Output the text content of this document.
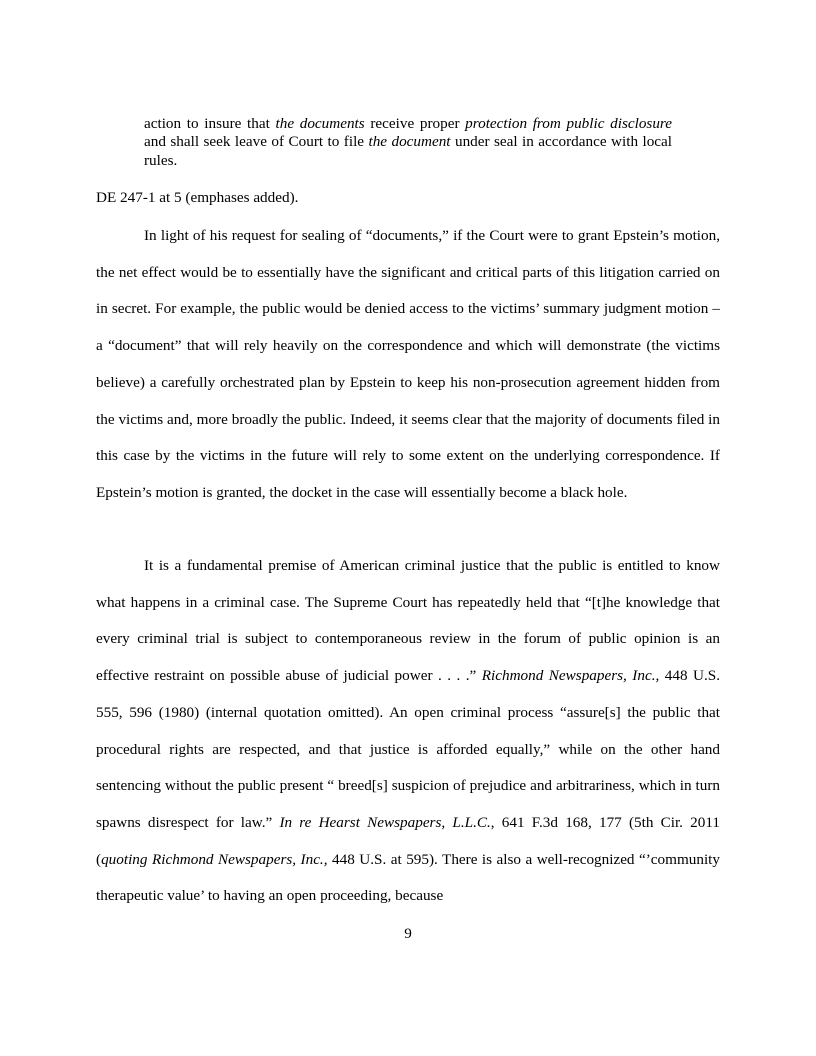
action to insure that the documents receive proper protection from public disclosure and shall seek leave of Court to file the document under seal in accordance with local rules.
DE 247-1 at 5 (emphases added).

In light of his request for sealing of “documents,” if the Court were to grant Epstein’s motion, the net effect would be to essentially have the significant and critical parts of this litigation carried on in secret. For example, the public would be denied access to the victims’ summary judgment motion – a “document” that will rely heavily on the correspondence and which will demonstrate (the victims believe) a carefully orchestrated plan by Epstein to keep his non-prosecution agreement hidden from the victims and, more broadly the public. Indeed, it seems clear that the majority of documents filed in this case by the victims in the future will rely to some extent on the underlying correspondence. If Epstein’s motion is granted, the docket in the case will essentially become a black hole.

It is a fundamental premise of American criminal justice that the public is entitled to know what happens in a criminal case. The Supreme Court has repeatedly held that “[t]he knowledge that every criminal trial is subject to contemporaneous review in the forum of public opinion is an effective restraint on possible abuse of judicial power . . . .” Richmond Newspapers, Inc., 448 U.S. 555, 596 (1980) (internal quotation omitted). An open criminal process “assure[s] the public that procedural rights are respected, and that justice is afforded equally,” while on the other hand sentencing without the public present “ breed[s] suspicion of prejudice and arbitrariness, which in turn spawns disrespect for law.” In re Hearst Newspapers, L.L.C., 641 F.3d 168, 177 (5th Cir. 2011 (quoting Richmond Newspapers, Inc., 448 U.S. at 595). There is also a well-recognized “’community therapeutic value’ to having an open proceeding, because

9
